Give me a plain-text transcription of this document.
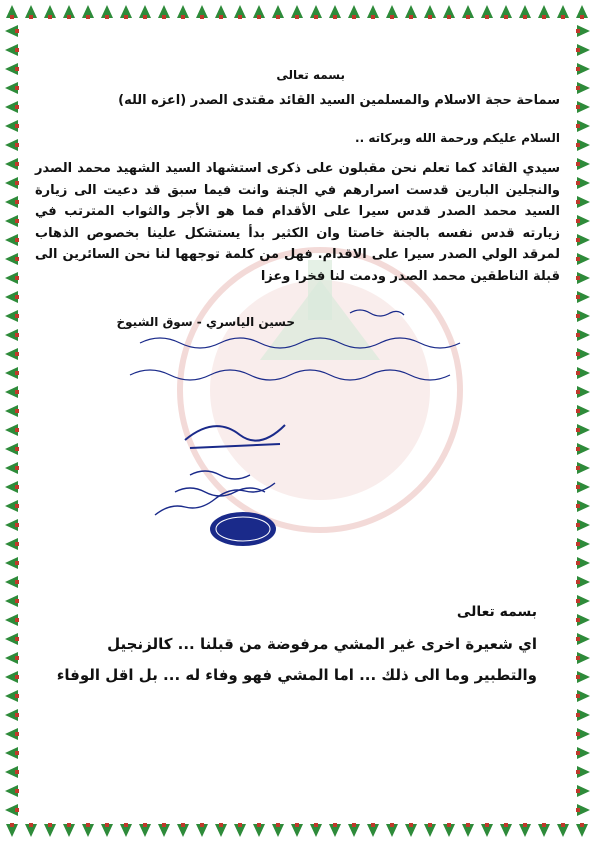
بسمه تعالى
سماحة حجة الاسلام والمسلمين السيد القائد مقتدى الصدر (اعزه الله)
السلام عليكم ورحمة الله وبركاته ..
سيدي القائد كما تعلم نحن مقبلون على ذكرى استشهاد السيد الشهيد محمد الصدر والنجلين البارين قدست اسرارهم في الجنة وانت فيما سبق قد دعيت الى زيارة السيد محمد الصدر قدس سيرا على الأقدام فما هو الأجر والثواب المترتب في زيارته قدس نفسه بالجنة خاصتا وان الكثير بدأ يستشكل علينا بخصوص الذهاب لمرقد الولي الصدر سيرا على الاقدام. فهل من كلمة توجهها لنا نحن السائرين الى قبلة الناطقين محمد الصدر ودمت لنا فخرا وعزا
حسين الياسري - سوق الشيوخ
بسمه تعالى
اي شعيرة اخرى غير المشي مرفوضة من قبلنا ... كالزنجيل
والتطبير وما الى ذلك ... اما المشي فهو وفاء له ... بل اقل الوفاء
